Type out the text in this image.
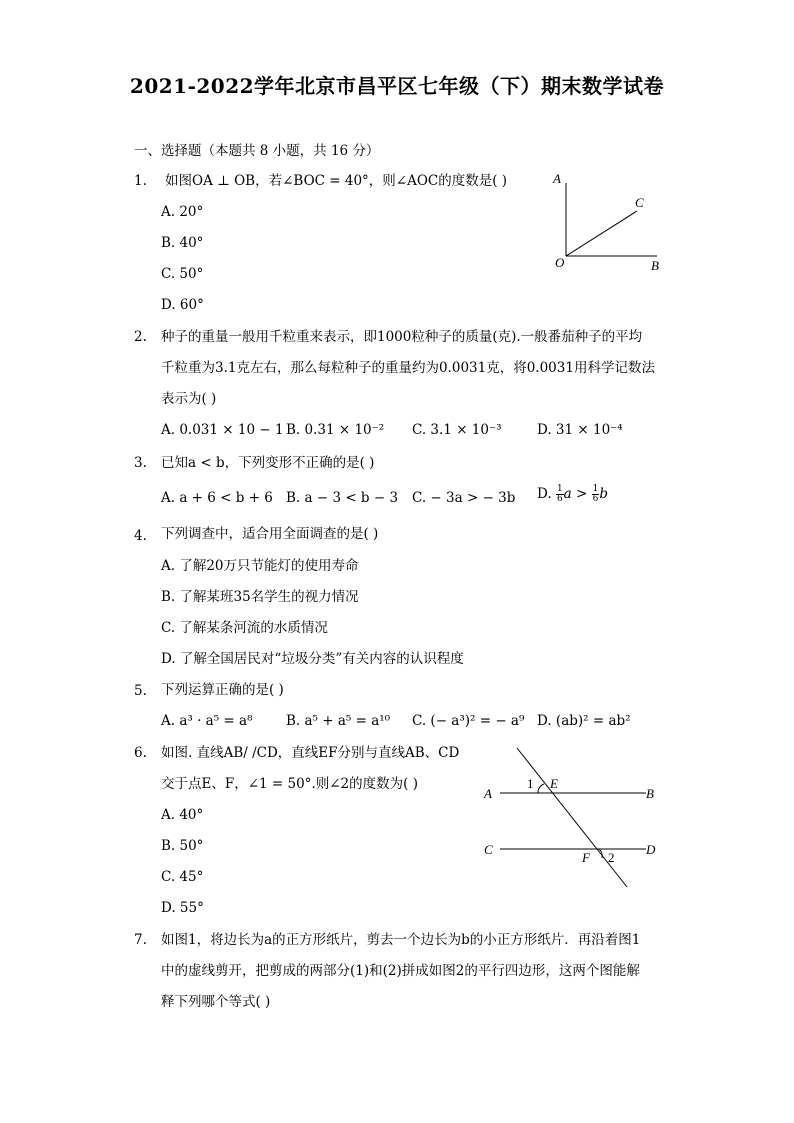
2021-2022学年北京市昌平区七年级（下）期末数学试卷
一、选择题（本题共 8 小题，共 16 分）
1. 如图OA ⊥ OB，若∠BOC = 40°，则∠AOC的度数是( )
A. 20°
B. 40°
C. 50°
D. 60°
A
C
O	B
2. 种子的重量一般用千粒重来表示，即1000粒种子的质量(克).一般番茄种子的平均
千粒重为3.1克左右，那么每粒种子的重量约为0.0031克，将0.0031用科学记数法
表示为( )
A. 0.031 × 10 − 1 B. 0.31 × 10⁻² C. 3.1 × 10⁻³	D. 31 × 10⁻⁴
3. 已知a < b，下列变形不正确的是( )
A. a + 6 < b + 6 B. a − 3 < b − 3 C. − 3a > − 3b D. $\frac{1}{6}$ $a > \frac{1}{6}$ b
4. 下列调查中，适合用全面调查的是( )
A. 了解20万只节能灯的使用寿命
B. 了解某班35名学生的视力情况
C. 了解某条河流的水质情况
D. 了解全国居民对“垃圾分类”有关内容的认识程度
5. 下列运算正确的是( )
A. a³ · a⁵ = a⁸ B. a⁵ + a⁵ = a¹⁰ C. (− a³)² = − a⁹ D. (ab)² = ab²
6. 如图. 直线AB/ /CD，直线EF分别与直线AB、CD
交于点E、F，∠1 = 50°.则∠2的度数为( )
A. 40°
B. 50°
C. 45°
D. 55°
A	B
C	D
E
F
1
2
7. 如图1，将边长为a的正方形纸片，剪去一个边长为b的小正方形纸片．再沿着图1
中的虚线剪开，把剪成的两部分(1)和(2)拼成如图2的平行四边形，这两个图能解
释下列哪个等式( )
